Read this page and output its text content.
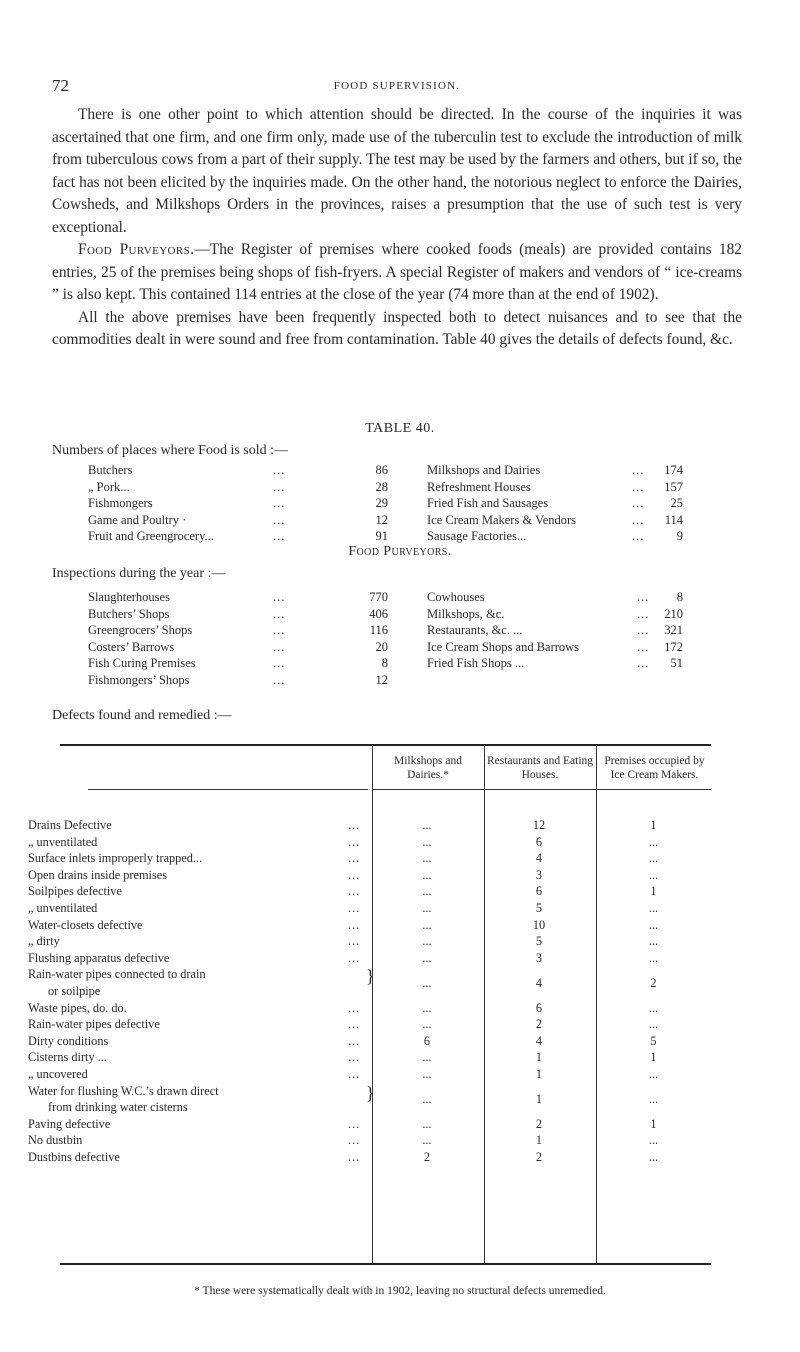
72	FOOD SUPERVISION.

There is one other point to which attention should be directed. In the course of the inquiries it was ascertained that one firm, and one firm only, made use of the tuberculin test to exclude the introduction of milk from tuberculous cows from a part of their supply. The test may be used by the farmers and others, but if so, the fact has not been elicited by the inquiries made. On the other hand, the notorious neglect to enforce the Dairies, Cowsheds, and Milkshops Orders in the provinces, raises a presumption that the use of such test is very exceptional.

Food Purveyors.—The Register of premises where cooked foods (meals) are provided contains 182 entries, 25 of the premises being shops of fish-fryers. A special Register of makers and vendors of “ ice-creams ” is also kept. This contained 114 entries at the close of the year (74 more than at the end of 1902).

All the above premises have been frequently inspected both to detect nuisances and to see that the commodities dealt in were sound and free from contamination. Table 40 gives the details of defects found, &c.

TABLE 40.
Numbers of places where Food is sold :—
Butchers	...	86
„ Pork...	...	28
Fishmongers	...	29
Game and Poultry ·	...	12
Fruit and Greengrocery...	...	91
Milkshops and Dairies	... 174
Refreshment Houses	... 157
Fried Fish and Sausages	... 25
Ice Cream Makers & Vendors	... 114
Sausage Factories...	...	9
Food Purveyors.
Inspections during the year :—
Slaughterhouses	...	770
Butchers’ Shops	...	406
Greengrocers’ Shops	...	116
Costers’ Barrows	...	20
Fish Curing Premises	...	8
Fishmongers’ Shops	...	12
Cowhouses	... 8
Milkshops, &c.	... 210
Restaurants, &c. ...	... 321
Ice Cream Shops and Barrows	... 172
Fried Fish Shops ...	... 51
Defects found and remedied :—
Milkshops and Dairies.*
Restaurants and Eating Houses.
Premises occupied by Ice Cream Makers.
Drains Defective	...	...	12	1
„ unventilated	...	...	6	...
Surface inlets improperly trapped...	...	...	4	...
Open drains inside premises	...	...	3	...
Soilpipes defective	...	...	6	1
„ unventilated	...	...	5	...
Water-closets defective	...	...	10	...
„ dirty	...	...	5	...
Flushing apparatus defective	...	...	3	...
Rain-water pipes connected to drain
or soilpipe
}	...	4	2
Waste pipes, do. do.	...	...	6	...
Rain-water pipes defective	...	...	2	...
Dirty conditions	...	6	4	5
Cisterns dirty ...	...	...	1	1
„ uncovered	...	...	1	...
Water for flushing W.C.’s drawn direct
from drinking water cisterns
}	...	1	...
Paving defective	...	...	2	1
No dustbin	...	...	1	...
Dustbins defective	...	2	2	...
* These were systematically dealt with in 1902, leaving no structural defects unremedied.
